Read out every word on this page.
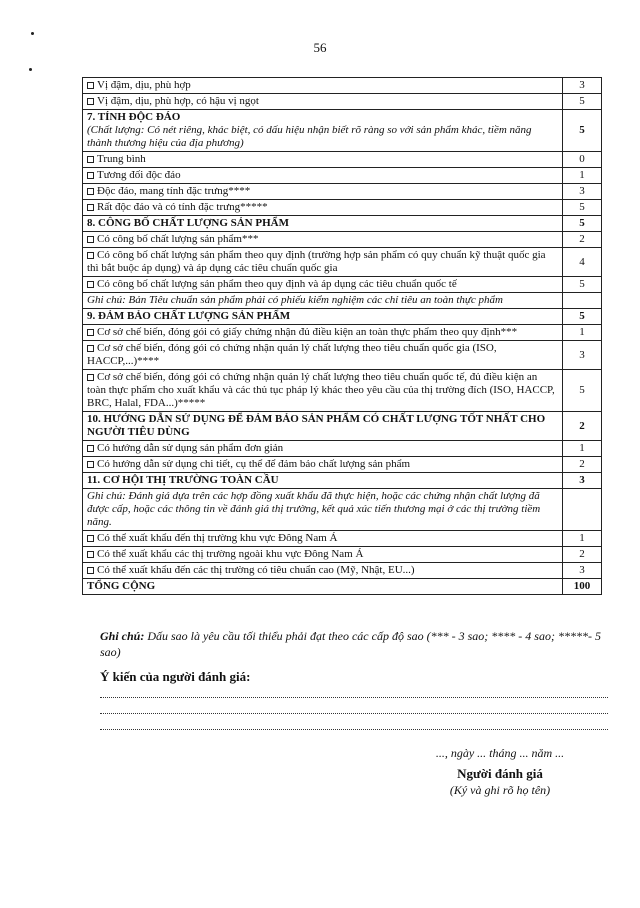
56
Vị đậm, dịu, phù hợp	3
Vị đậm, dịu, phù hợp, có hậu vị ngọt	5

7. TÍNH ĐỘC ĐÁO
(Chất lượng: Có nét riêng, khác biệt, có dấu hiệu nhận biết rõ ràng so với sản phẩm khác, tiềm năng thành thương hiệu của địa phương)	5
Trung bình	0
Tương đối độc đáo	1
Độc đáo, mang tính đặc trưng****	3
Rất độc đáo và có tính đặc trưng*****	5

8. CÔNG BỐ CHẤT LƯỢNG SẢN PHẨM	5
Có công bố chất lượng sản phẩm***	2
Có công bố chất lượng sản phẩm theo quy định (trường hợp sản phẩm có quy chuẩn kỹ thuật quốc gia thì bắt buộc áp dụng) và áp dụng các tiêu chuẩn quốc gia	4
Có công bố chất lượng sản phẩm theo quy định và áp dụng các tiêu chuẩn quốc tế	5
Ghi chú: Bản Tiêu chuẩn sản phẩm phải có phiếu kiểm nghiệm các chỉ tiêu an toàn thực phẩm	

9. ĐẢM BẢO CHẤT LƯỢNG SẢN PHẨM	5
Cơ sở chế biến, đóng gói có giấy chứng nhận đủ điều kiện an toàn thực phẩm theo quy định***	1
Cơ sở chế biến, đóng gói có chứng nhận quản lý chất lượng theo tiêu chuẩn quốc gia (ISO, HACCP,...)****	3
Cơ sở chế biến, đóng gói có chứng nhận quản lý chất lượng theo tiêu chuẩn quốc tế, đủ điều kiện an toàn thực phẩm cho xuất khẩu và các thủ tục pháp lý khác theo yêu cầu của thị trường đích (ISO, HACCP, BRC, Halal, FDA...)*****	5

10. HƯỚNG DẪN SỬ DỤNG ĐỂ ĐẢM BẢO SẢN PHẨM CÓ CHẤT LƯỢNG TỐT NHẤT CHO NGƯỜI TIÊU DÙNG	2
Có hướng dẫn sử dụng sản phẩm đơn giản	1
Có hướng dẫn sử dụng chi tiết, cụ thể để đảm bảo chất lượng sản phẩm	2

11. CƠ HỘI THỊ TRƯỜNG TOÀN CẦU	3
Ghi chú: Đánh giá dựa trên các hợp đồng xuất khẩu đã thực hiện, hoặc các chứng nhận chất lượng đã được cấp, hoặc các thông tin về đánh giá thị trường, kết quả xúc tiến thương mại ở các thị trường tiềm năng.	
Có thể xuất khẩu đến thị trường khu vực Đông Nam Á	1
Có thể xuất khẩu các thị trường ngoài khu vực Đông Nam Á	2
Có thể xuất khẩu đến các thị trường có tiêu chuẩn cao (Mỹ, Nhật, EU...)	3
TỔNG CỘNG	100
Ghi chú: Dấu sao là yêu cầu tối thiểu phải đạt theo các cấp độ sao (*** - 3 sao; **** - 4 sao; *****- 5 sao)
Ý kiến của người đánh giá:
..., ngày ... tháng ... năm ...
Người đánh giá
(Ký và ghi rõ họ tên)
